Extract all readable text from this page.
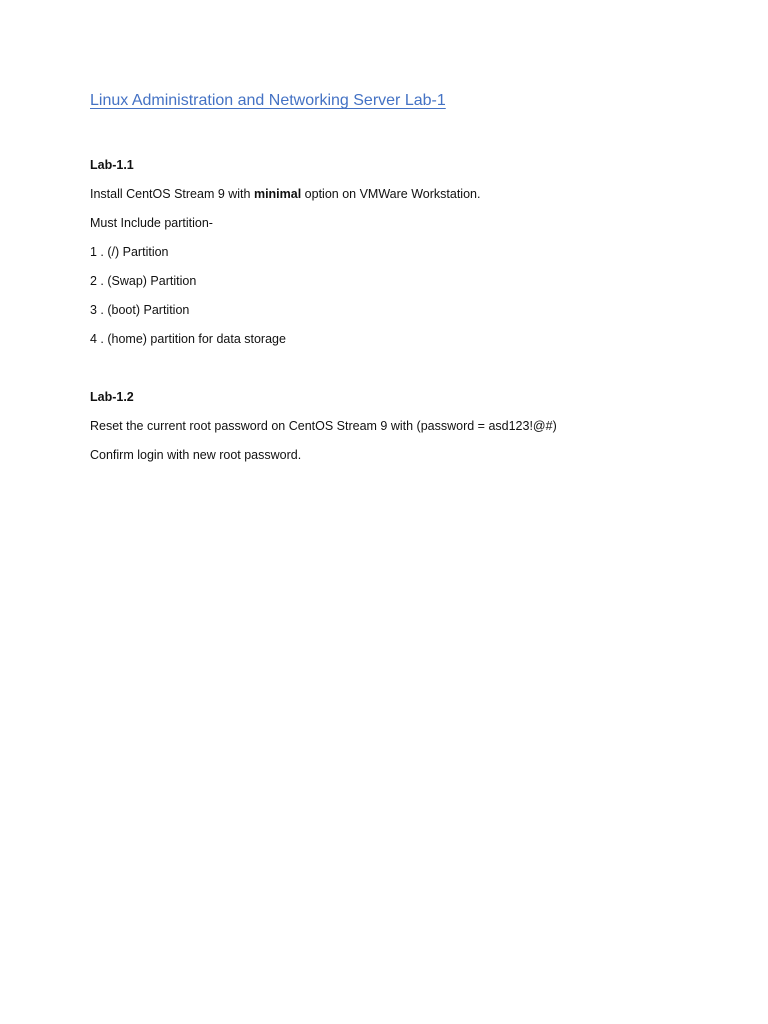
Linux Administration and Networking Server Lab-1
Lab-1.1
Install CentOS Stream 9 with minimal option on VMWare Workstation.
Must Include partition-
1 . (/) Partition
2 . (Swap) Partition
3 . (boot) Partition
4 . (home) partition for data storage
Lab-1.2
Reset the current root password on CentOS Stream 9 with (password = asd123!@#)
Confirm login with new root password.
